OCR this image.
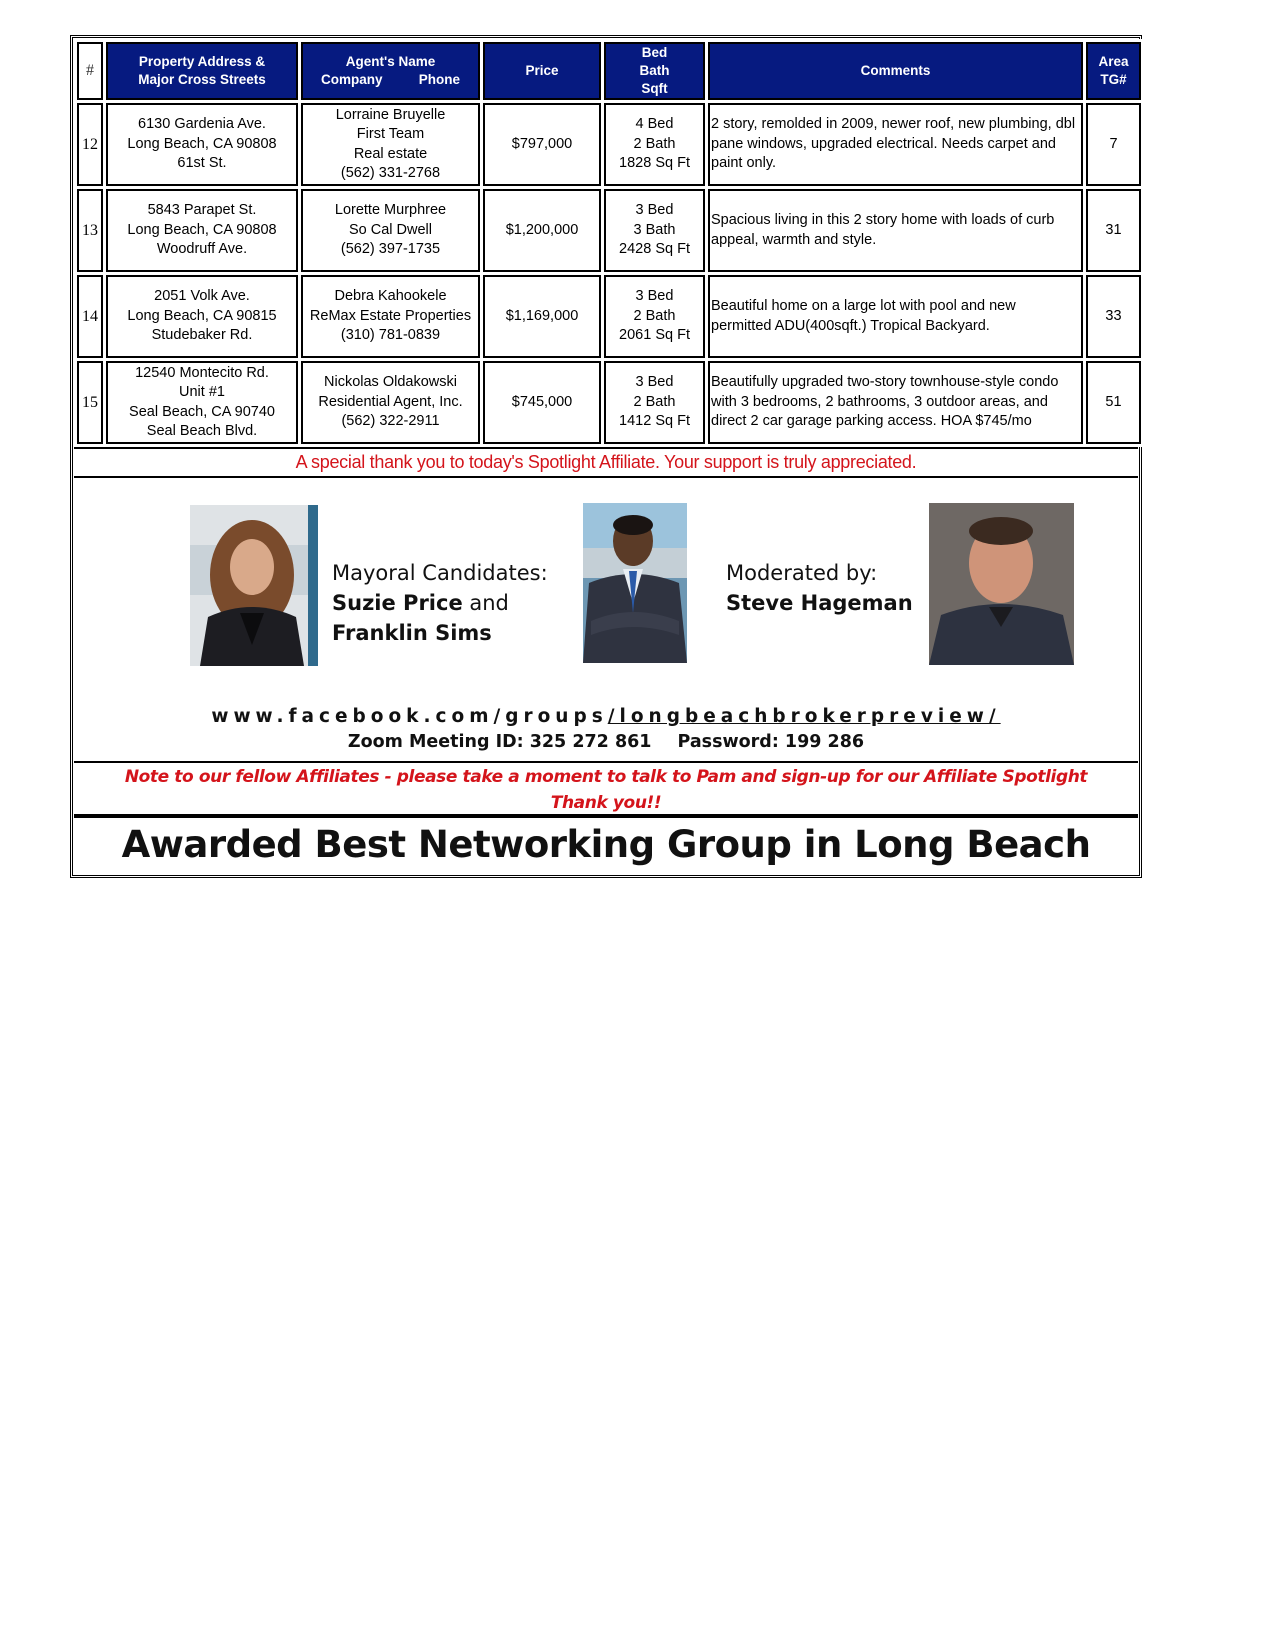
#	Property Address &
Major Cross Streets	Agent's Name
Company Phone	Price	Bed
Bath
Sqft	Comments	Area
TG#

12	6130 Gardenia Ave.
Long Beach, CA 90808
61st St.	Lorraine Bruyelle
First Team
Real estate
(562) 331-2768	$797,000	4 Bed
2 Bath
1828 Sq Ft	2 story, remolded in 2009, newer roof, new plumbing, dbl pane windows, upgraded electrical. Needs carpet and paint only.	7
13	5843 Parapet St.
Long Beach, CA 90808
Woodruff Ave.	Lorette Murphree
So Cal Dwell
(562) 397-1735	$1,200,000	3 Bed
3 Bath
2428 Sq Ft	Spacious living in this 2 story home with loads of curb appeal, warmth and style.	31
14	2051 Volk Ave.
Long Beach, CA 90815
Studebaker Rd.	Debra Kahookele
ReMax Estate Properties
(310) 781-0839	$1,169,000	3 Bed
2 Bath
2061 Sq Ft	Beautiful home on a large lot with pool and new permitted ADU(400sqft.) Tropical Backyard.	33
15	12540 Montecito Rd.
Unit #1
Seal Beach, CA 90740
Seal Beach Blvd.	Nickolas Oldakowski
Residential Agent, Inc.
(562) 322-2911	$745,000	3 Bed
2 Bath
1412 Sq Ft	Beautifully upgraded two-story townhouse-style condo with 3 bedrooms, 2 bathrooms, 3 outdoor areas, and direct 2 car garage parking access. HOA $745/mo	51
A special thank you to today's Spotlight Affiliate. Your support is truly appreciated.
Mayoral Candidates:
Suzie Price and
Franklin Sims
Moderated by:
Steve Hageman
www.facebook.com/groups/longbeachbrokerpreview/
Zoom Meeting ID: 325 272 861 Password: 199 286
Note to our fellow Affiliates - please take a moment to talk to Pam and sign-up for our Affiliate Spotlight
Thank you!!
Awarded Best Networking Group in Long Beach
